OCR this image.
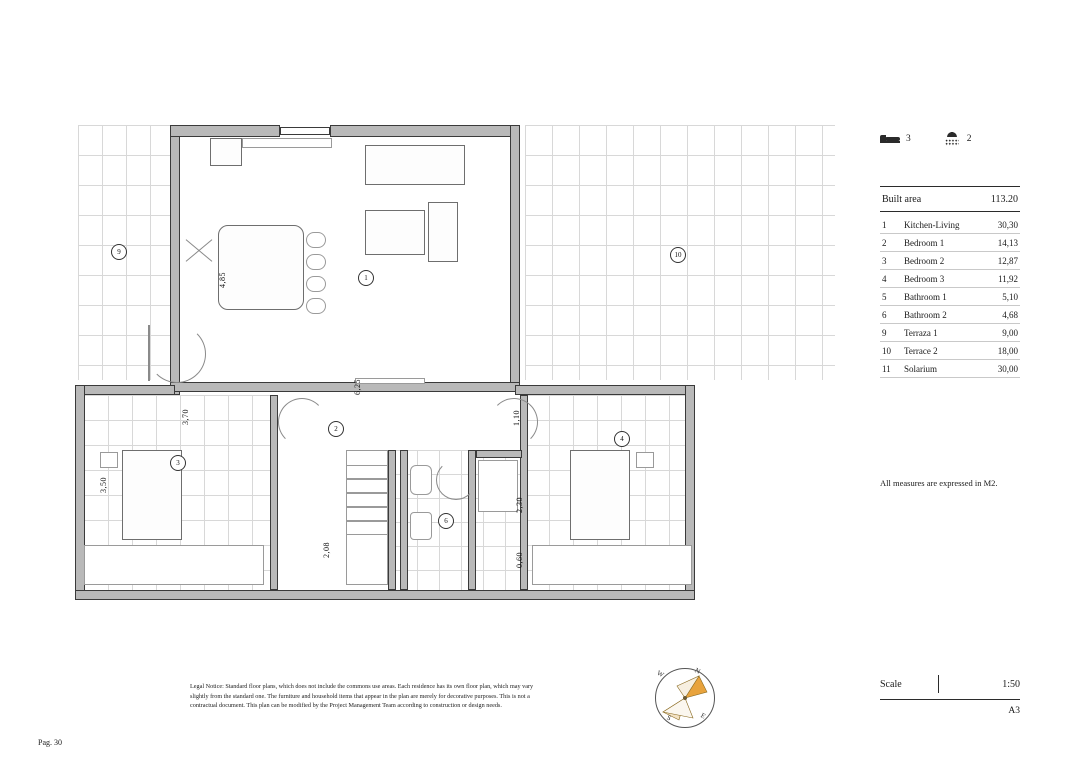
1
2
3
4
6
9	10
4,85
6,25
3,70
3,50
1,10
2,30
0,60
2,08
3	2
Built area	113.20
1	Kitchen-Living	30,30
2	Bedroom 1	14,13
3	Bedroom 2	12,87
4	Bedroom 3	11,92
5	Bathroom 1	5,10
6	Bathroom 2	4,68
9	Terraza 1	9,00
10	Terrace 2	18,00
11	Solarium	30,00
All measures are expressed in M2.
Scale	1:50
A3
N
S	E
W
Legal Notice: Standard floor plans, which does not include the commons use areas. Each residence has its own floor plan, which may vary slightly from the standard one. The furniture and household items that appear in the plan are merely for decorative purposes. This is not a contractual document. This plan can be modified by the Project Management Team according to construction or design needs.
Pag. 30
